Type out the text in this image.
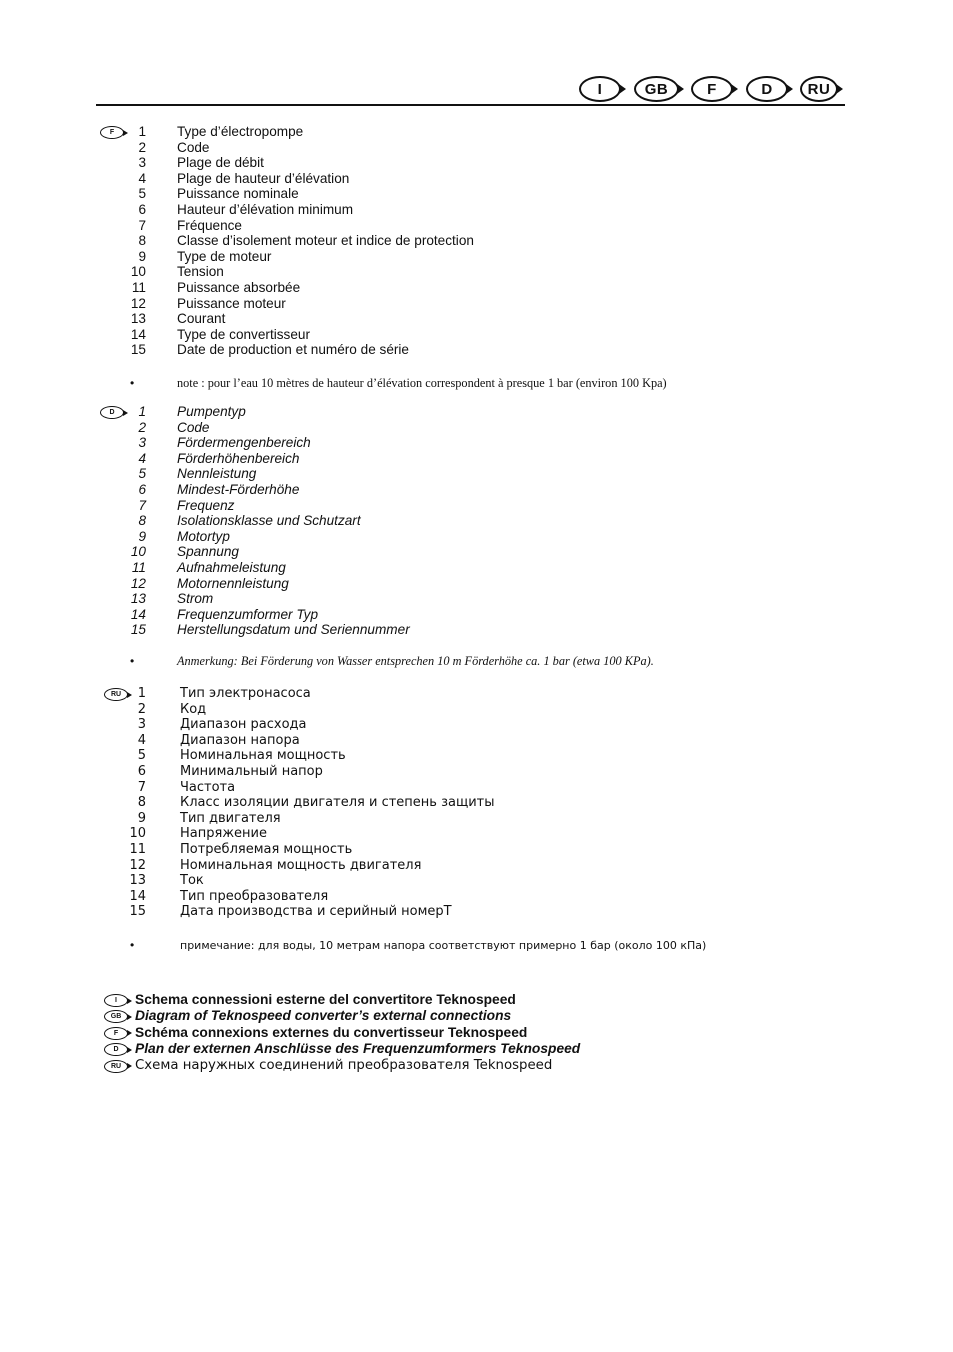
I	GB	F	D	RU
F	1 Type d’électropompe
2 Code
3 Plage de débit
4 Plage de hauteur d’élévation
5 Puissance nominale
6 Hauteur d’élévation minimum
7 Fréquence
8 Classe d’isolement moteur et indice de protection
9 Type de moteur
10 Tension
11 Puissance absorbée
12 Puissance moteur
13 Courant
14 Type de convertisseur
15 Date de production et numéro de série
•	note : pour l’eau 10 mètres de hauteur d’élévation correspondent à presque 1 bar (environ 100 Kpa)
D	1 Pumpentyp
2 Code
3 Fördermengenbereich
4 Förderhöhenbereich
5 Nennleistung
6 Mindest-Förderhöhe
7 Frequenz
8 Isolationsklasse und Schutzart
9 Motortyp
10 Spannung
11 Aufnahmeleistung
12 Motornennleistung
13 Strom
14 Frequenzumformer Typ
15 Herstellungsdatum und Seriennummer
•	Anmerkung: Bei Förderung von Wasser entsprechen 10 m Förderhöhe ca. 1 bar (etwa 100 KPa).
RU	1	Тип электронасоса
2	Код
3	Диапазон расхода
4	Диапазон напора
5	Номинальная мощность
6	Минимальный напор
7	Частота
8	Класс изоляции двигателя и степень защиты
9	Тип двигателя
10	Напряжение
11	Потребляемая мощность
12	Номинальная мощность двигателя
13	Ток
14	Тип преобразователя
15	Дата производства и серийный номерТ
•	примечание: для воды, 10 метрам напора соответствуют примерно 1 бар (около 100 кПа)
I	Schema connessioni esterne del convertitore Teknospeed
GB Diagram of Teknospeed converter’s external connections
F	Schéma connexions externes du convertisseur Teknospeed
D	Plan der externen Anschlüsse des Frequenzumformers Teknospeed
RU	Схема наружных соединений преобразователя Teknospeed
